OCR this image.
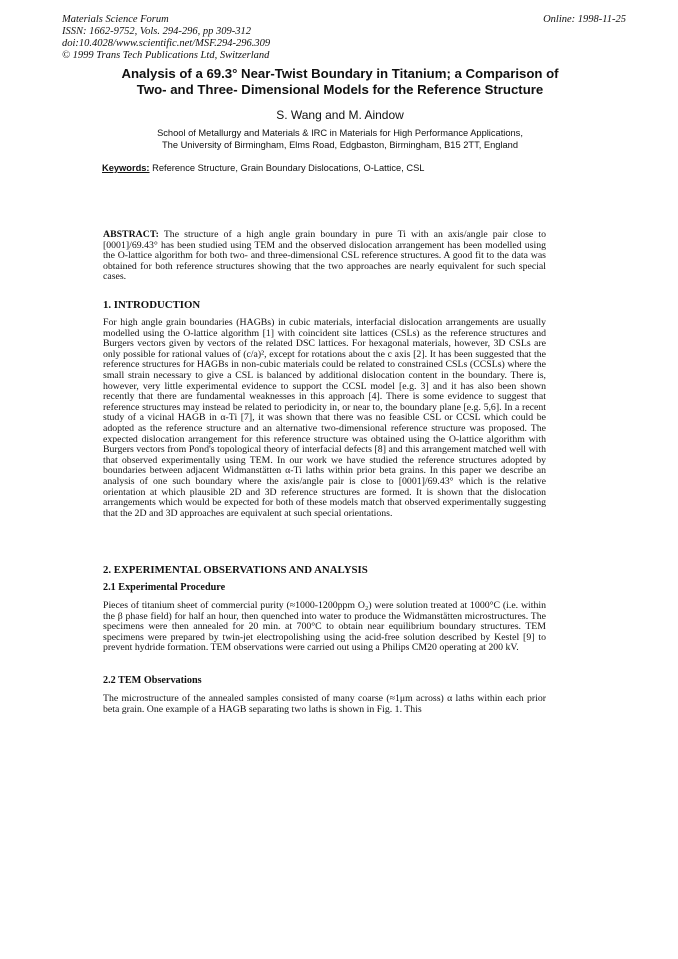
Materials Science Forum
ISSN: 1662-9752, Vols. 294-296, pp 309-312
doi:10.4028/www.scientific.net/MSF.294-296.309
© 1999 Trans Tech Publications Ltd, Switzerland
Online: 1998-11-25
Analysis of a 69.3° Near-Twist Boundary in Titanium; a Comparison of
Two- and Three- Dimensional Models for the Reference Structure
S. Wang and M. Aindow
School of Metallurgy and Materials & IRC in Materials for High Performance Applications,
The University of Birmingham, Elms Road, Edgbaston, Birmingham, B15 2TT, England
Keywords: Reference Structure, Grain Boundary Dislocations, O-Lattice, CSL
ABSTRACT: The structure of a high angle grain boundary in pure Ti with an axis/angle pair close to [0001]/69.43° has been studied using TEM and the observed dislocation arrangement has been modelled using the O-lattice algorithm for both two- and three-dimensional CSL reference structures. A good fit to the data was obtained for both reference structures showing that the two approaches are nearly equivalent for such special cases.
1. INTRODUCTION
For high angle grain boundaries (HAGBs) in cubic materials, interfacial dislocation arrangements are usually modelled using the O-lattice algorithm [1] with coincident site lattices (CSLs) as the reference structures and Burgers vectors given by vectors of the related DSC lattices. For hexagonal materials, however, 3D CSLs are only possible for rational values of (c/a)², except for rotations about the c axis [2]. It has been suggested that the reference structures for HAGBs in non-cubic materials could be related to constrained CSLs (CCSLs) where the small strain necessary to give a CSL is balanced by additional dislocation content in the boundary. There is, however, very little experimental evidence to support the CCSL model [e.g. 3] and it has also been shown recently that there are fundamental weaknesses in this approach [4]. There is some evidence to suggest that reference structures may instead be related to periodicity in, or near to, the boundary plane [e.g. 5,6]. In a recent study of a vicinal HAGB in α-Ti [7], it was shown that there was no feasible CSL or CCSL which could be adopted as the reference structure and an alternative two-dimensional reference structure was proposed. The expected dislocation arrangement for this reference structure was obtained using the O-lattice algorithm with Burgers vectors from Pond's topological theory of interfacial defects [8] and this arrangement matched well with that observed experimentally using TEM. In our work we have studied the reference structures adopted by boundaries between adjacent Widmanstätten α-Ti laths within prior beta grains. In this paper we describe an analysis of one such boundary where the axis/angle pair is close to [0001]/69.43° which is the relative orientation at which plausible 2D and 3D reference structures are formed. It is shown that the dislocation arrangements which would be expected for both of these models match that observed experimentally suggesting that the 2D and 3D approaches are equivalent at such special orientations.
2. EXPERIMENTAL OBSERVATIONS AND ANALYSIS
2.1 Experimental Procedure
Pieces of titanium sheet of commercial purity (≈1000-1200ppm O₂) were solution treated at 1000°C (i.e. within the β phase field) for half an hour, then quenched into water to produce the Widmanstätten microstructures. The specimens were then annealed for 20 min. at 700°C to obtain near equilibrium boundary structures. TEM specimens were prepared by twin-jet electropolishing using the acid-free solution described by Kestel [9] to prevent hydride formation. TEM observations were carried out using a Philips CM20 operating at 200 kV.
2.2 TEM Observations
The microstructure of the annealed samples consisted of many coarse (≈1μm across) α laths within each prior beta grain. One example of a HAGB separating two laths is shown in Fig. 1. This
